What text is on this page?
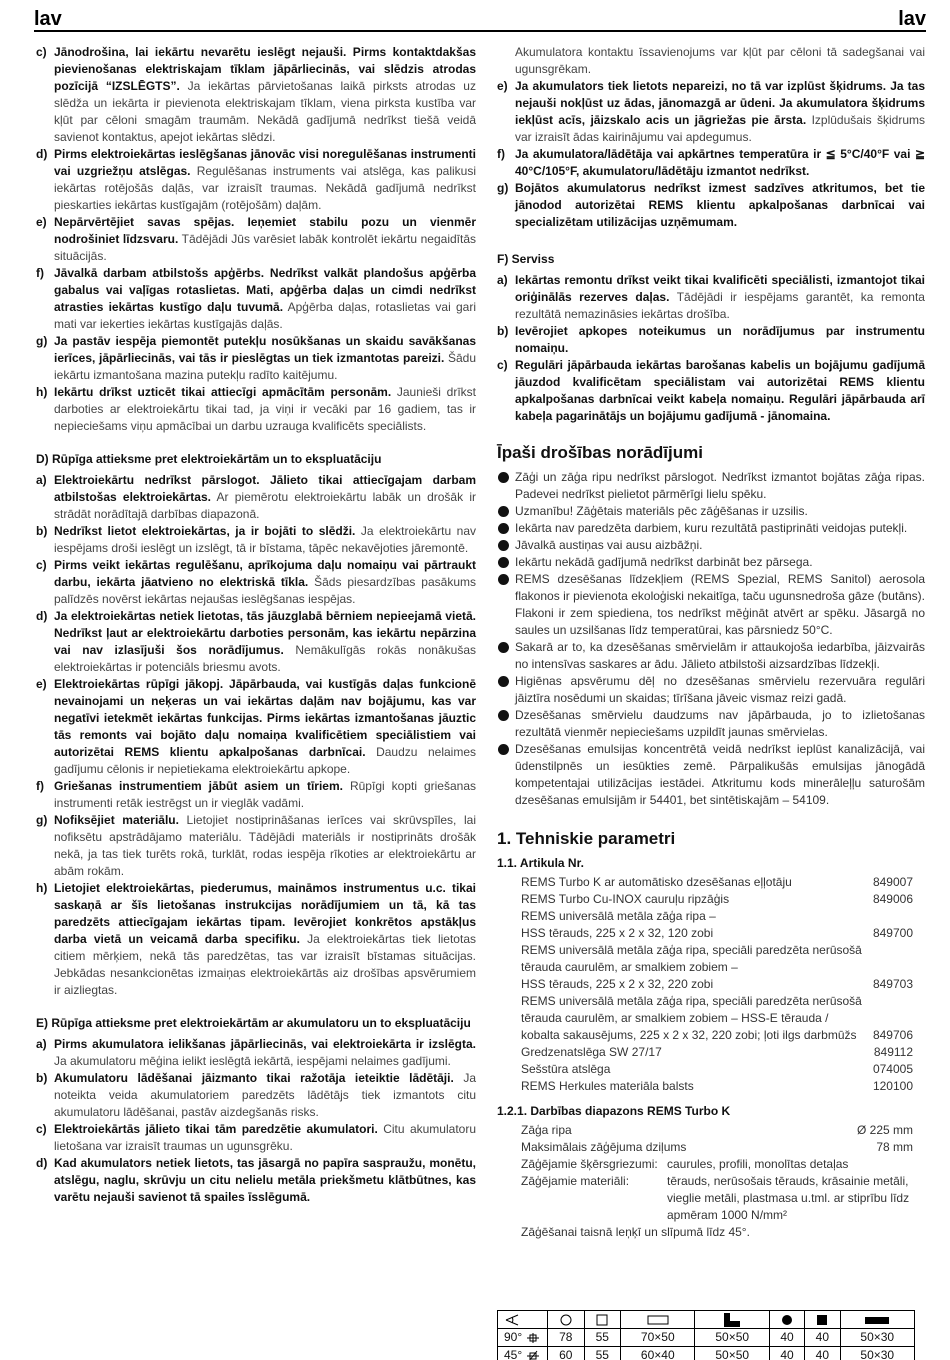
lav	lav
c) Jānodrošina, lai iekārtu nevarētu ieslēgt nejauši. Pirms kontaktdakšas pievienošanas elektriskajam tīklam jāpārliecinās, vai slēdzis atrodas pozīcijā “IZSLĒGTS”. Ja iekārtas pārvietošanas laikā pirksts atrodas uz slēdža un iekārta ir pievienota elektriskajam tīklam, viena pirksta kustība var kļūt par cēloni smagām traumām. Nekādā gadījumā nedrīkst tiešā veidā savienot kontaktus, apejot iekārtas slēdzi.
d) Pirms elektroiekārtas ieslēgšanas jānovāc visi noregulēšanas instrumenti vai uzgriežņu atslēgas. Regulēšanas instruments vai atslēga, kas palikusi iekārtas rotējošās daļās, var izraisīt traumas. Nekādā gadījumā nedrīkst pieskarties iekārtas kustīgajām (rotējošām) daļām.
e) Nepārvērtējiet savas spējas. Ieņemiet stabilu pozu un vienmēr nodrošiniet līdzsvaru. Tādējādi Jūs varēsiet labāk kontrolēt iekārtu negaidītās situācijās.
f) Jāvalkā darbam atbilstošs apģērbs. Nedrīkst valkāt plandošus apģērba gabalus vai vaļīgas rotaslietas. Mati, apģērba daļas un cimdi nedrīkst atrasties iekārtas kustīgo daļu tuvumā. Apģērba daļas, rotaslietas vai gari mati var iekerties iekārtas kustīgajās daļās.
g) Ja pastāv iespēja piemontēt putekļu nosūkšanas un skaidu savākšanas ierīces, jāpārliecinās, vai tās ir pieslēgtas un tiek izmantotas pareizi. Šādu iekārtu izmantošana mazina putekļu radīto kaitējumu.
h) Iekārtu drīkst uzticēt tikai attiecīgi apmācītām personām. Jaunieši drīkst darboties ar elektroiekārtu tikai tad, ja viņi ir vecāki par 16 gadiem, tas ir nepieciešams viņu apmācībai un darbu uzrauga kvalificēts speciālists.
D) Rūpīga attieksme pret elektroiekārtām un to ekspluatāciju
a) Elektroiekārtu nedrīkst pārslogot. Jālieto tikai attiecīgajam darbam atbilstošas elektroiekārtas. Ar piemērotu elektroiekārtu labāk un drošāk ir strādāt norādītajā darbības diapazonā.
b) Nedrīkst lietot elektroiekārtas, ja ir bojāti to slēdži. Ja elektroiekārtu nav iespējams droši ieslēgt un izslēgt, tā ir bīstama, tāpēc nekavējoties jāremontē.
c) Pirms veikt iekārtas regulēšanu, aprīkojuma daļu nomaiņu vai pārtraukt darbu, iekārta jāatvieno no elektriskā tīkla. Šāds piesardzības pasākums palīdzēs novērst iekārtas nejaušas ieslēgšanas iespējas.
d) Ja elektroiekārtas netiek lietotas, tās jāuzglabā bērniem nepieejamā vietā. Nedrīkst ļaut ar elektroiekārtu darboties personām, kas iekārtu nepārzina vai nav izlasījuši šos norādījumus. Nemākulīgās rokās nonākušas elektroiekārtas ir potenciāls briesmu avots.
e) Elektroiekārtas rūpīgi jākopj. Jāpārbauda, vai kustīgās daļas funkcionē nevainojami un neķeras un vai iekārtas daļām nav bojājumu, kas var negatīvi ietekmēt iekārtas funkcijas. Pirms iekārtas izmantošanas jāuztic tās remonts vai bojāto daļu nomaiņa kvalificētiem speciālistiem vai autorizētai REMS klientu apkalpošanas darbnīcai. Daudzu nelaimes gadījumu cēlonis ir nepietiekama elektroiekārtu apkope.
f) Griešanas instrumentiem jābūt asiem un tīriem. Rūpīgi kopti griešanas instrumenti retāk iestrēgst un ir vieglāk vadāmi.
g) Nofiksējiet materiālu. Lietojiet nostiprināšanas ierīces vai skrūvspīles, lai nofiksētu apstrādājamo materiālu. Tādējādi materiāls ir nostiprināts drošāk nekā, ja tas tiek turēts rokā, turklāt, rodas iespēja rīkoties ar elektroiekārtu ar abām rokām.
h) Lietojiet elektroiekārtas, piederumus, maināmos instrumentus u.c. tikai saskaņā ar šīs lietošanas instrukcijas norādījumiem un tā, kā tas paredzēts attiecīgajam iekārtas tipam. Ievērojiet konkrētos apstākļus darba vietā un veicamā darba specifiku. Ja elektroiekārtas tiek lietotas citiem mērķiem, nekā tās paredzētas, tas var izraisīt bīstamas situācijas. Jebkādas nesankcionētas izmaiņas elektroiekārtās aiz drošības apsvērumiem ir aizliegtas.
E) Rūpīga attieksme pret elektroiekārtām ar akumulatoru un to ekspluatāciju
a) Pirms akumulatora ielikšanas jāpārliecinās, vai elektroiekārta ir izslēgta. Ja akumulatoru mēģina ielikt ieslēgtā iekārtā, iespējami nelaimes gadījumi.
b) Akumulatoru lādēšanai jāizmanto tikai ražotāja ieteiktie lādētāji. Ja noteikta veida akumulatoriem paredzēts lādētājs tiek izmantots citu akumulatoru lādēšanai, pastāv aizdegšanās risks.
c) Elektroiekārtās jālieto tikai tām paredzētie akumulatori. Citu akumulatoru lietošana var izraisīt traumas un ugunsgrēku.
d) Kad akumulators netiek lietots, tas jāsargā no papīra saspraužu, monētu, atslēgu, naglu, skrūvju un citu nelielu metāla priekšmetu klātbūtnes, kas varētu nejauši savienot tā spailes īsslēgumā.
Akumulatora kontaktu īssavienojums var kļūt par cēloni tā sadegšanai vai ugunsgrēkam.
e) Ja akumulators tiek lietots nepareizi, no tā var izplūst šķidrums. Ja tas nejauši nokļūst uz ādas, jānomazgā ar ūdeni. Ja akumulatora šķidrums iekļūst acīs, jāizskalo acis un jāgriežas pie ārsta. Izplūdušais šķidrums var izraisīt ādas kairinājumu vai apdegumus.
f) Ja akumulatora/lādētāja vai apkārtnes temperatūra ir ≦ 5°C/40°F vai ≧ 40°C/105°F, akumulatoru/lādētāju izmantot nedrīkst.
g) Bojātos akumulatorus nedrīkst izmest sadzīves atkritumos, bet tie jānodod autorizētai REMS klientu apkalpošanas darbnīcai vai specializētam utilizācijas uzņēmumam.
F) Serviss
a) Iekārtas remontu drīkst veikt tikai kvalificēti speciālisti, izmantojot tikai oriģinālās rezerves daļas. Tādējādi ir iespējams garantēt, ka remonta rezultātā nemazināsies iekārtas drošība.
b) Ievērojiet apkopes noteikumus un norādījumus par instrumentu nomaiņu.
c) Regulāri jāpārbauda iekārtas barošanas kabelis un bojājumu gadījumā jāuzdod kvalificētam speciālistam vai autorizētai REMS klientu apkalpošanas darbnīcai veikt kabeļa nomaiņu. Regulāri jāpārbauda arī kabeļa pagarinātājs un bojājumu gadījumā - jānomaina.
Īpaši drošības norādījumi
Zāģi un zāģa ripu nedrīkst pārslogot. Nedrīkst izmantot bojātas zāģa ripas. Padevei nedrīkst pielietot pārmērīgi lielu spēku.
Uzmanību! Zāģētais materiāls pēc zāģēšanas ir uzsilis.
Iekārta nav paredzēta darbiem, kuru rezultātā pastiprināti veidojas putekļi.
Jāvalkā austiņas vai ausu aizbāžņi.
Iekārtu nekādā gadījumā nedrīkst darbināt bez pārsega.
REMS dzesēšanas līdzekļiem (REMS Spezial, REMS Sanitol) aerosola flakonos ir pievienota ekoloģiski nekaitīga, taču ugunsnedroša gāze (butāns). Flakoni ir zem spiediena, tos nedrīkst mēģināt atvērt ar spēku. Jāsargā no saules un uzsilšanas līdz temperatūrai, kas pārsniedz 50°C.
Sakarā ar to, ka dzesēšanas smērvielām ir attaukojoša iedarbība, jāizvairās no intensīvas saskares ar ādu. Jālieto atbilstoši aizsardzības līdzekļi.
Higiēnas apsvērumu dēļ no dzesēšanas smērvielu rezervuāra regulāri jāiztīra nosēdumi un skaidas; tīrīšana jāveic vismaz reizi gadā.
Dzesēšanas smērvielu daudzums nav jāpārbauda, jo to izlietošanas rezultātā vienmēr nepieciešams uzpildīt jaunas smērvielas.
Dzesēšanas emulsijas koncentrētā veidā nedrīkst ieplūst kanalizācijā, vai ūdenstilpnēs un iesūkties zemē. Pārpalikušās emulsijas jānogādā kompetentajai utilizācijas iestādei. Atkritumu kods minerāleļļu saturošām dzesēšanas emulsijām ir 54401, bet sintētiskajām – 54109.
1. Tehniskie parametri
1.1. Artikula Nr.
REMS Turbo K ar automātisko dzesēšanas eļļotāju	849007
REMS Turbo Cu-INOX cauruļu ripzāģis	849006
REMS universālā metāla zāģa ripa –
HSS tērauds, 225 x 2 x 32, 120 zobi	849700
REMS universālā metāla zāģa ripa, speciāli paredzēta nerūsošā tērauda caurulēm, ar smalkiem zobiem –
HSS tērauds, 225 x 2 x 32, 220 zobi	849703
REMS universālā metāla zāģa ripa, speciāli paredzēta nerūsošā tērauda caurulēm, ar smalkiem zobiem – HSS-E tērauda / kobalta sakausējums, 225 x 2 x 32, 220 zobi; ļoti ilgs darbmūžs 849706
Gredzenatslēga SW 27/17	849112
Sešstūra atslēga	074005
REMS Herkules materiāla balsts	120100
1.2.1. Darbības diapazons REMS Turbo K
Zāģa ripa	Ø 225 mm
Maksimālais zāģējuma dziļums	78 mm
Zāģējamie šķērsgriezumi: caurules, profili, monolītas detaļas
Zāģējamie materiāli:	tērauds, nerūsošais tērauds, krāsainie metāli, viegliе metāli, plastmasa u.tml. ar stiprību līdz apmēram 1000 N/mm²
Zāģēšanai taisnā leņķī un slīpumā līdz 45°.

90°	78	55	70×50	50×50	40	40	50×30
45°	60	55	60×40	50×50	40	40	50×30
